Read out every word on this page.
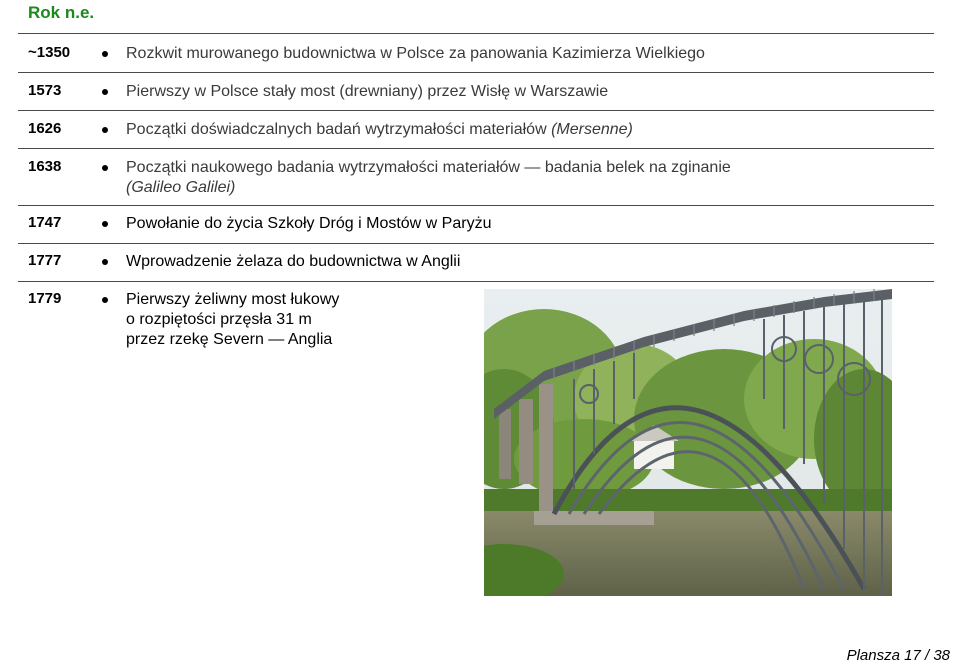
Rok n.e.
~1350	Rozkwit murowanego budownictwa w Polsce za panowania Kazimierza Wielkiego
1573	Pierwszy w Polsce stały most (drewniany) przez Wisłę w Warszawie
1626	Początki doświadczalnych badań wytrzymałości materiałów (Mersenne)
1638	Początki naukowego badania wytrzymałości materiałów — badania belek na zginanie
(Galileo Galilei)
1747	Powołanie do życia Szkoły Dróg i Mostów w Paryżu
1777	Wprowadzenie żelaza do budownictwa w Anglii
1779	Pierwszy żeliwny most łukowy
o rozpiętości przęsła 31 m
przez rzekę Severn — Anglia
Plansza 17 / 38
